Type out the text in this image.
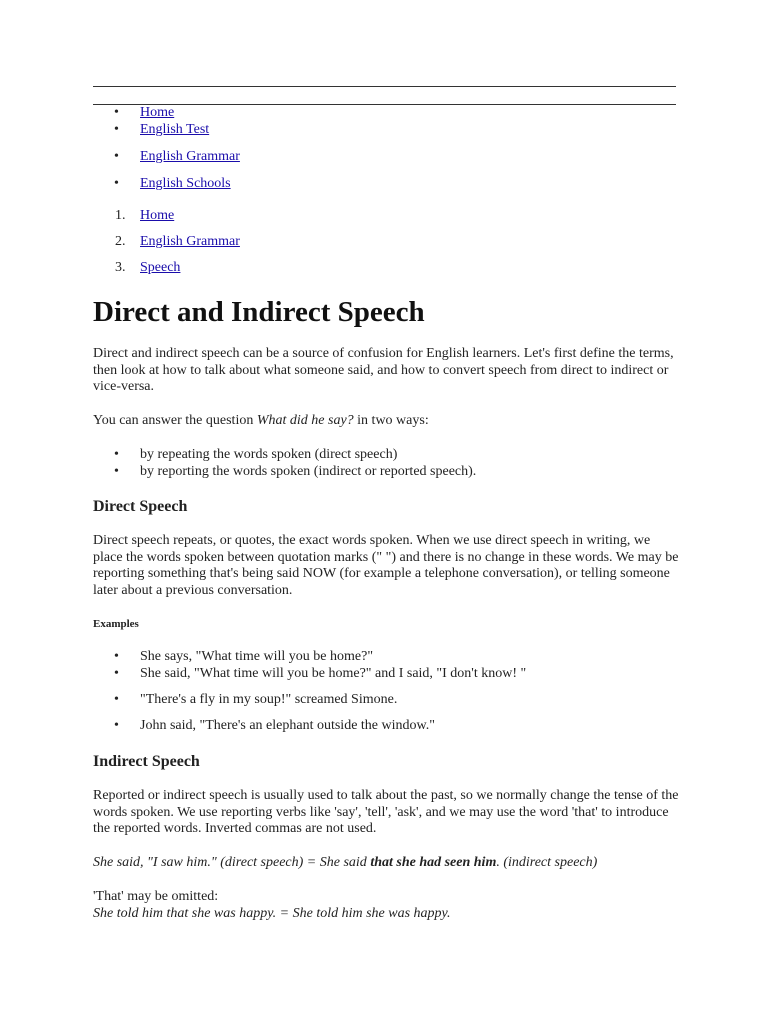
• Home
• English Test
• English Grammar
• English Schools
1. Home
2. English Grammar
3. Speech
Direct and Indirect Speech

Direct and indirect speech can be a source of confusion for English learners. Let's first define the terms, then look at how to talk about what someone said, and how to convert speech from direct to indirect or vice-versa.

You can answer the question What did he say? in two ways:

• by repeating the words spoken (direct speech)
• by reporting the words spoken (indirect or reported speech).
Direct Speech

Direct speech repeats, or quotes, the exact words spoken. When we use direct speech in writing, we place the words spoken between quotation marks (" ") and there is no change in these words. We may be reporting something that's being said NOW (for example a telephone conversation), or telling someone later about a previous conversation.

Examples
• She says, "What time will you be home?"
• She said, "What time will you be home?" and I said, "I don't know! "
• "There's a fly in my soup!" screamed Simone.
• John said, "There's an elephant outside the window."
Indirect Speech

Reported or indirect speech is usually used to talk about the past, so we normally change the tense of the words spoken. We use reporting verbs like 'say', 'tell', 'ask', and we may use the word 'that' to introduce the reported words. Inverted commas are not used.

She said, "I saw him." (direct speech) = She said that she had seen him. (indirect speech)

'That' may be omitted:

She told him that she was happy. = She told him she was happy.
